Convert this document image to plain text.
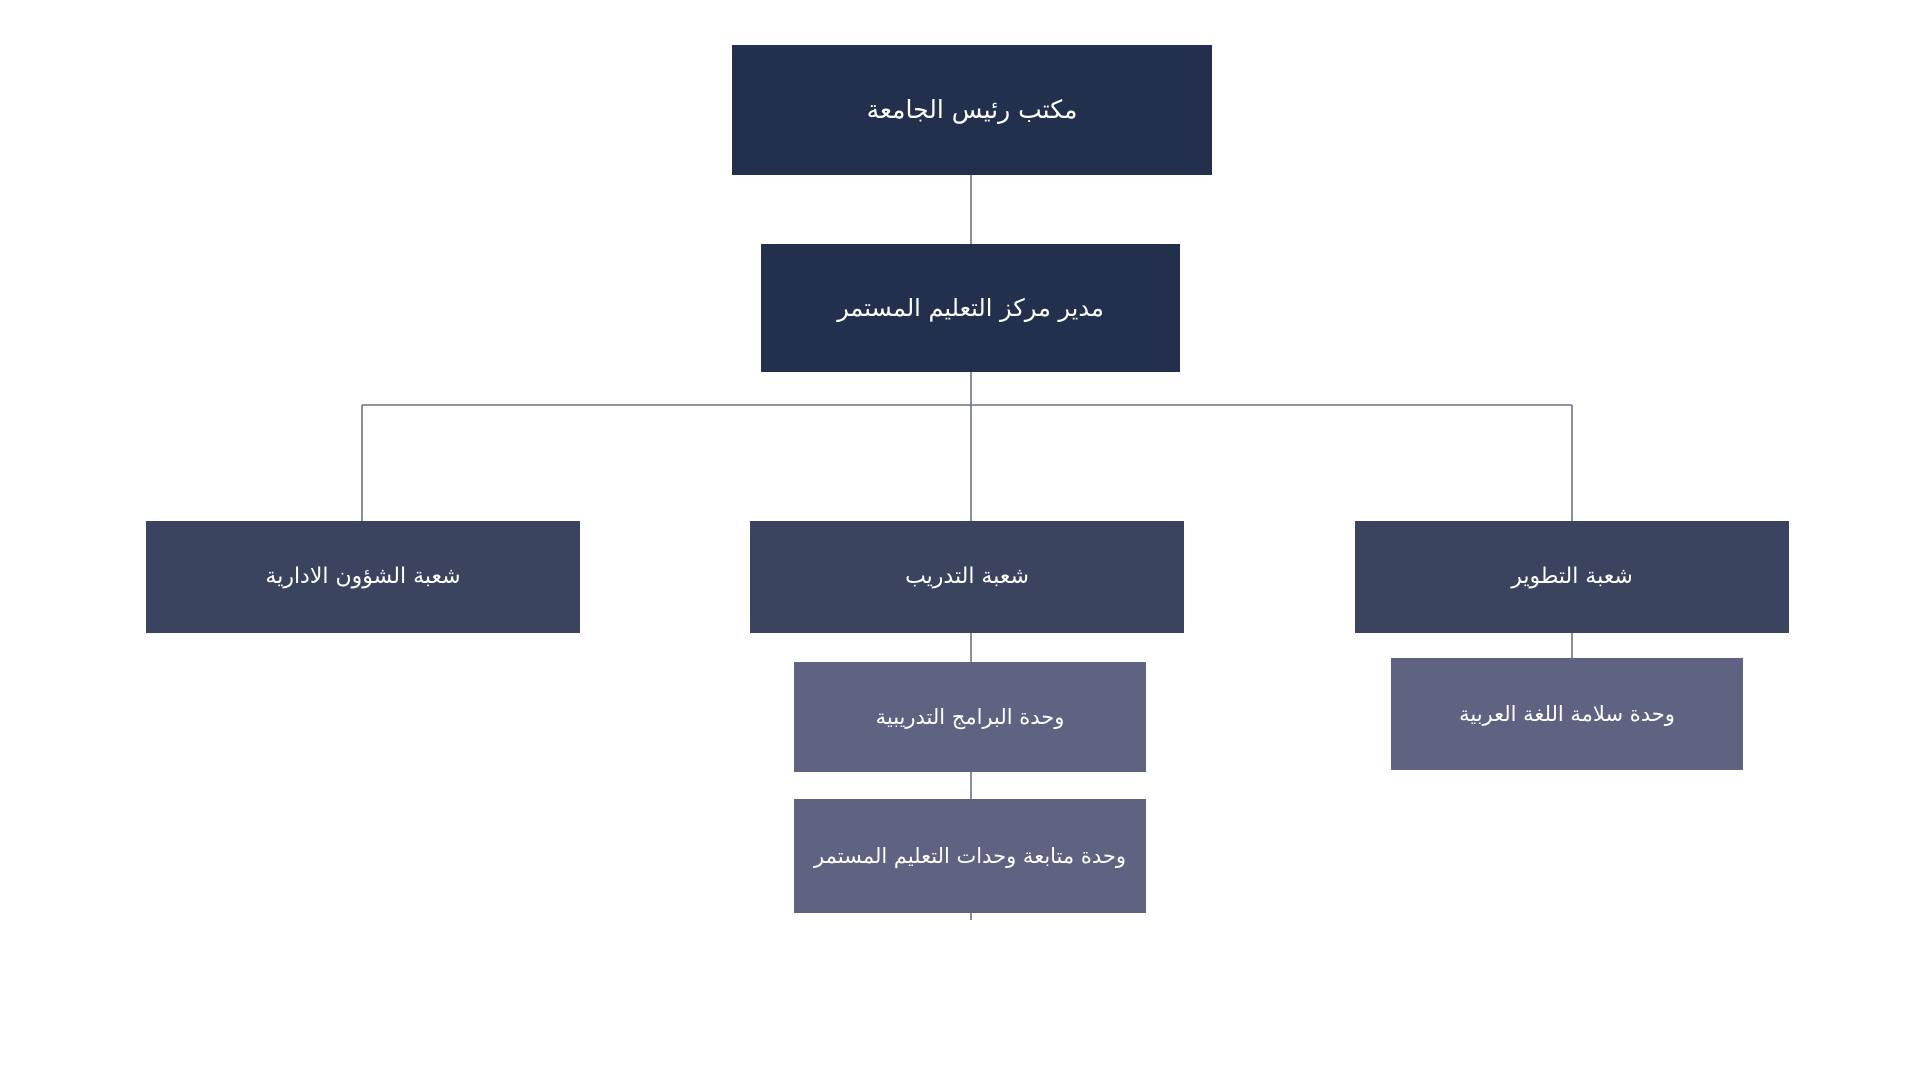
مكتب رئيس الجامعة
مدير مركز التعليم المستمر
شعبة الشؤون الادارية	شعبة التدريب	شعبة التطوير
وحدة البرامج التدريبية
وحدة متابعة وحدات التعليم المستمر
وحدة سلامة اللغة العربية
